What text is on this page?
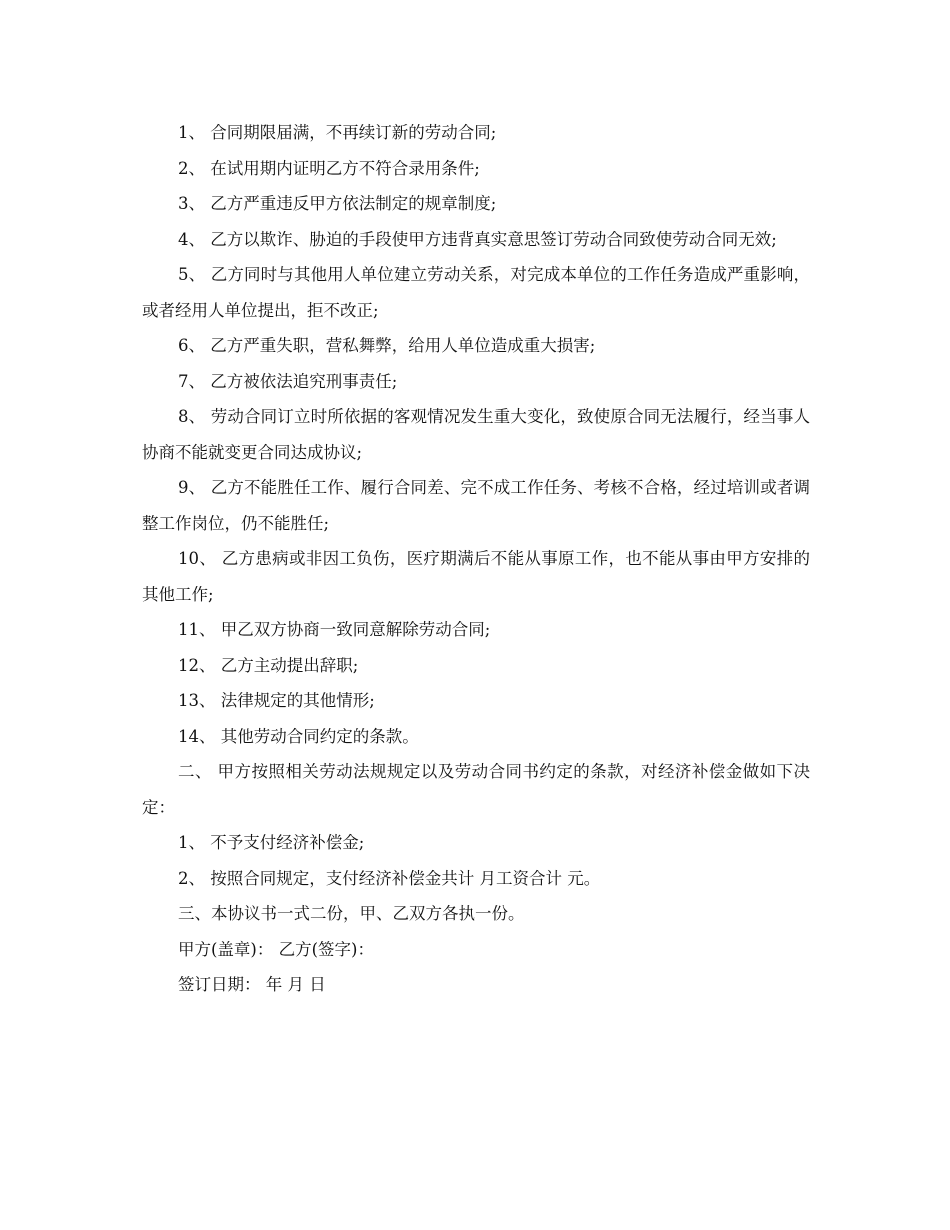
1、 合同期限届满，不再续订新的劳动合同;

2、 在试用期内证明乙方不符合录用条件;

3、 乙方严重违反甲方依法制定的规章制度;

4、 乙方以欺诈、胁迫的手段使甲方违背真实意思签订劳动合同致使劳动合同无效;

5、 乙方同时与其他用人单位建立劳动关系，对完成本单位的工作任务造成严重影响，或者经用人单位提出，拒不改正;

6、 乙方严重失职，营私舞弊，给用人单位造成重大损害;

7、 乙方被依法追究刑事责任;

8、 劳动合同订立时所依据的客观情况发生重大变化，致使原合同无法履行，经当事人协商不能就变更合同达成协议;

9、 乙方不能胜任工作、履行合同差、完不成工作任务、考核不合格，经过培训或者调整工作岗位，仍不能胜任;

10、 乙方患病或非因工负伤，医疗期满后不能从事原工作，也不能从事由甲方安排的其他工作;

11、 甲乙双方协商一致同意解除劳动合同;

12、 乙方主动提出辞职;

13、 法律规定的其他情形;

14、 其他劳动合同约定的条款。

二、 甲方按照相关劳动法规规定以及劳动合同书约定的条款，对经济补偿金做如下决定：

1、 不予支付经济补偿金;

2、 按照合同规定，支付经济补偿金共计 月工资合计 元。

三、本协议书一式二份，甲、乙双方各执一份。

甲方(盖章)： 乙方(签字)：

签订日期： 年 月 日
